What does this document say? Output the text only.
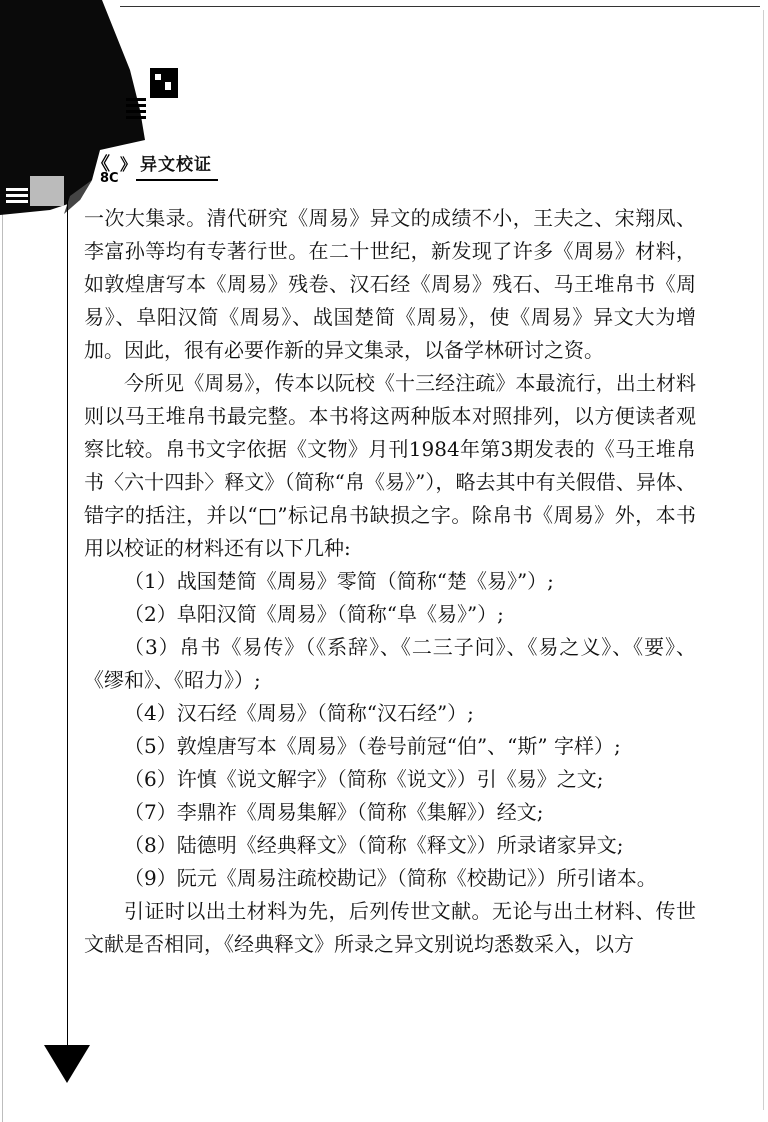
《 》
8C
异文校证

一次大集录。清代研究《周易》异文的成绩不小，王夫之、宋翔凤、李富孙等均有专著行世。在二十世纪，新发现了许多《周易》材料，如敦煌唐写本《周易》残卷、汉石经《周易》残石、马王堆帛书《周易》、阜阳汉简《周易》、战国楚简《周易》，使《周易》异文大为增加。因此，很有必要作新的异文集录，以备学林研讨之资。

今所见《周易》，传本以阮校《十三经注疏》本最流行，出土材料则以马王堆帛书最完整。本书将这两种版本对照排列，以方便读者观察比较。帛书文字依据《文物》月刊1984年第3期发表的《马王堆帛书〈六十四卦〉释文》（简称“帛《易》”），略去其中有关假借、异体、错字的括注，并以“□”标记帛书缺损之字。除帛书《周易》外，本书用以校证的材料还有以下几种:

（1）战国楚简《周易》零简（简称“楚《易》”）;

（2）阜阳汉简《周易》（简称“阜《易》”）;

（3）帛书《易传》（《系辞》、《二三子问》、《易之义》、《要》、《缪和》、《昭力》）;

（4）汉石经《周易》（简称“汉石经”）;

（5）敦煌唐写本《周易》（卷号前冠“伯”、“斯” 字样）;

（6）许慎《说文解字》（简称《说文》）引《易》之文;

（7）李鼎祚《周易集解》（简称《集解》）经文;

（8）陆德明《经典释文》（简称《释文》）所录诸家异文;

（9）阮元《周易注疏校勘记》（简称《校勘记》）所引诸本。

引证时以出土材料为先，后列传世文献。无论与出土材料、传世文献是否相同，《经典释文》所录之异文别说均悉数采入，以方
